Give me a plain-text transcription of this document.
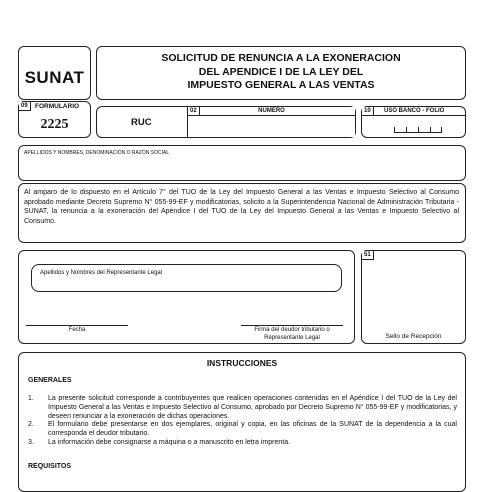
SUNAT
SOLICITUD DE RENUNCIA A LA EXONERACION
DEL APENDICE I DE LA LEY DEL
IMPUESTO GENERAL A LAS VENTAS
09	FORMULARIO
2225	RUC
02	NUMERO	10	USO BANCO - FOLIO
APELLIDOS Y NOMBRES, DENOMINACIÓN O RAZÓN SOCIAL
Al amparo de lo dispuesto en el Artículo 7° del TUO de la Ley del Impuesto General a las Ventas e Impuesto Selectivo al Consumo aprobado mediante Decreto Supremo N° 055-99-EF y modificatorias, solicito a la Superintendencia Nacional de Administración Tributaria - SUNAT, la renuncia a la exoneración del Apéndice I del TUO de la Ley del Impuesto General a las Ventas e Impuesto Selectivo al Consumo.
Apellidos y Nombres del Representante Legal
Fecha	Firma del deudor tributario o
Representante Legal
51
Sello de Recepción
INSTRUCCIONES
GENERALES
1.	La presente solicitud corresponde a contribuyentes que realicen operaciones contenidas en el Apéndice I del TUO de la Ley del Impuesto General a las Ventas e Impuesto Selectivo al Consumo, aprobado por Decreto Supremo N° 055-99-EF y modificatorias, y deseen renunciar a la exoneración de dichas operaciones.
2.	El formulario debe presentarse en dos ejemplares, original y copia, en las oficinas de la SUNAT de la dependencia a la cual corresponda el deudor tributario.
3.	La información debe consignarse a máquina o a manuscrito en letra imprenta.
REQUISITOS
